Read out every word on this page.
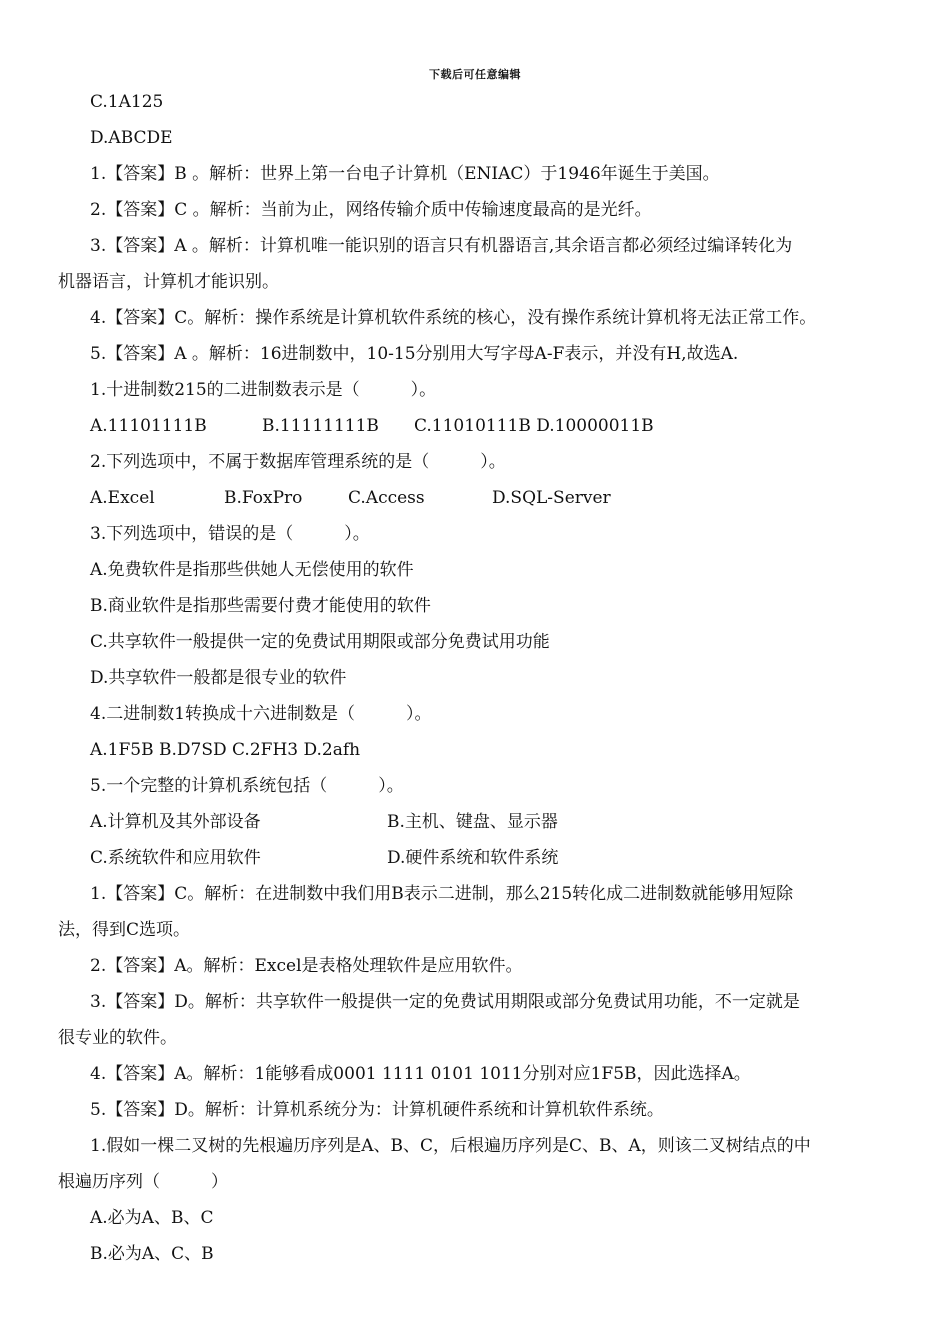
下载后可任意编辑
C.1A125
D.ABCDE
1.【答案】B 。解析：世界上第一台电子计算机（ENIAC）于1946年诞生于美国。
2.【答案】C 。解析：当前为止，网络传输介质中传输速度最高的是光纤。
3.【答案】A 。解析：计算机唯一能识别的语言只有机器语言,其余语言都必须经过编译转化为
机器语言，计算机才能识别。
4.【答案】C。解析：操作系统是计算机软件系统的核心，没有操作系统计算机将无法正常工作。
5.【答案】A 。解析：16进制数中，10-15分别用大写字母A-F表示，并没有H,故选A.
1.十进制数215的二进制数表示是（　　　）。
A.11101111B	B.11111111B C.11010111B D.10000011B
2.下列选项中，不属于数据库管理系统的是（　　　）。
A.Excel	B.FoxPro	C.Access	D.SQL-Server
3.下列选项中，错误的是（　　　）。
A.免费软件是指那些供她人无偿使用的软件
B.商业软件是指那些需要付费才能使用的软件
C.共享软件一般提供一定的免费试用期限或部分免费试用功能
D.共享软件一般都是很专业的软件
4.二进制数1转换成十六进制数是（　　　）。
A.1F5B B.D7SD C.2FH3 D.2afh
5.一个完整的计算机系统包括（　　　）。
A.计算机及其外部设备	B.主机、键盘、显示器
C.系统软件和应用软件	D.硬件系统和软件系统
1.【答案】C。解析：在进制数中我们用B表示二进制，那么215转化成二进制数就能够用短除
法，得到C选项。
2.【答案】A。解析：Excel是表格处理软件是应用软件。
3.【答案】D。解析：共享软件一般提供一定的免费试用期限或部分免费试用功能，不一定就是
很专业的软件。
4.【答案】A。解析：1能够看成0001 1111 0101 1011分别对应1F5B，因此选择A。
5.【答案】D。解析：计算机系统分为：计算机硬件系统和计算机软件系统。
1.假如一棵二叉树的先根遍历序列是A、B、C，后根遍历序列是C、B、A，则该二叉树结点的中
根遍历序列（　　　）
A.必为A、B、C
B.必为A、C、B
